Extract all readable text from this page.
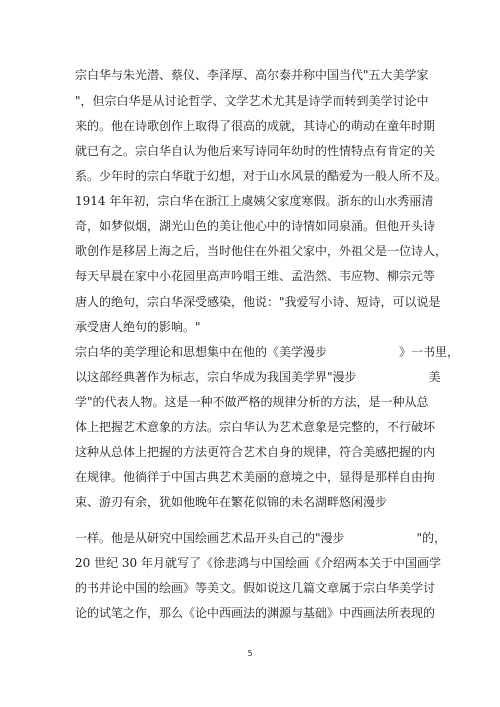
宗白华与朱光潜、蔡仪、李泽厚、高尔泰并称中国当代"五大美学家
"，但宗白华是从讨论哲学、文学艺术尤其是诗学而转到美学讨论中
来的。他在诗歌创作上取得了很高的成就，其诗心的萌动在童年时期
就已有之。宗白华自认为他后来写诗同年幼时的性情特点有肯定的关
系。少年时的宗白华耽于幻想，对于山水风景的酷爱为一般人所不及。
1914 年年初，宗白华在浙江上虞姨父家度寒假。浙东的山水秀丽清
奇，如梦似烟，湖光山色的美让他心中的诗情如同泉涌。但他开头诗
歌创作是移居上海之后，当时他住在外祖父家中，外祖父是一位诗人，
每天早晨在家中小花园里高声吟唱王维、孟浩然、韦应物、柳宗元等
唐人的绝句，宗白华深受感染，他说："我爱写小诗、短诗，可以说是
承受唐人绝句的影响。"
宗白华的美学理论和思想集中在他的《美学漫步　　　　　　》一书里，
以这部经典著作为标志，宗白华成为我国美学界"漫步　　　　　　美
学"的代表人物。这是一种不做严格的规律分析的方法，是一种从总
体上把握艺术意象的方法。宗白华认为艺术意象是完整的，不行破坏
这种从总体上把握的方法更符合艺术自身的规律，符合美感把握的内
在规律。他徜徉于中国古典艺术美丽的意境之中，显得是那样自由拘
束、游刃有余，犹如他晚年在繁花似锦的未名湖畔悠闲漫步
一样。他是从研究中国绘画艺术品开头自己的"漫步　　　　　　"的，
20 世纪 30 年月就写了《徐悲鸿与中国绘画《介绍两本关于中国画学
的书并论中国的绘画》等美文。假如说这几篇文章属于宗白华美学讨
论的试笔之作，那么《论中西画法的渊源与基础》中西画法所表现的
5
